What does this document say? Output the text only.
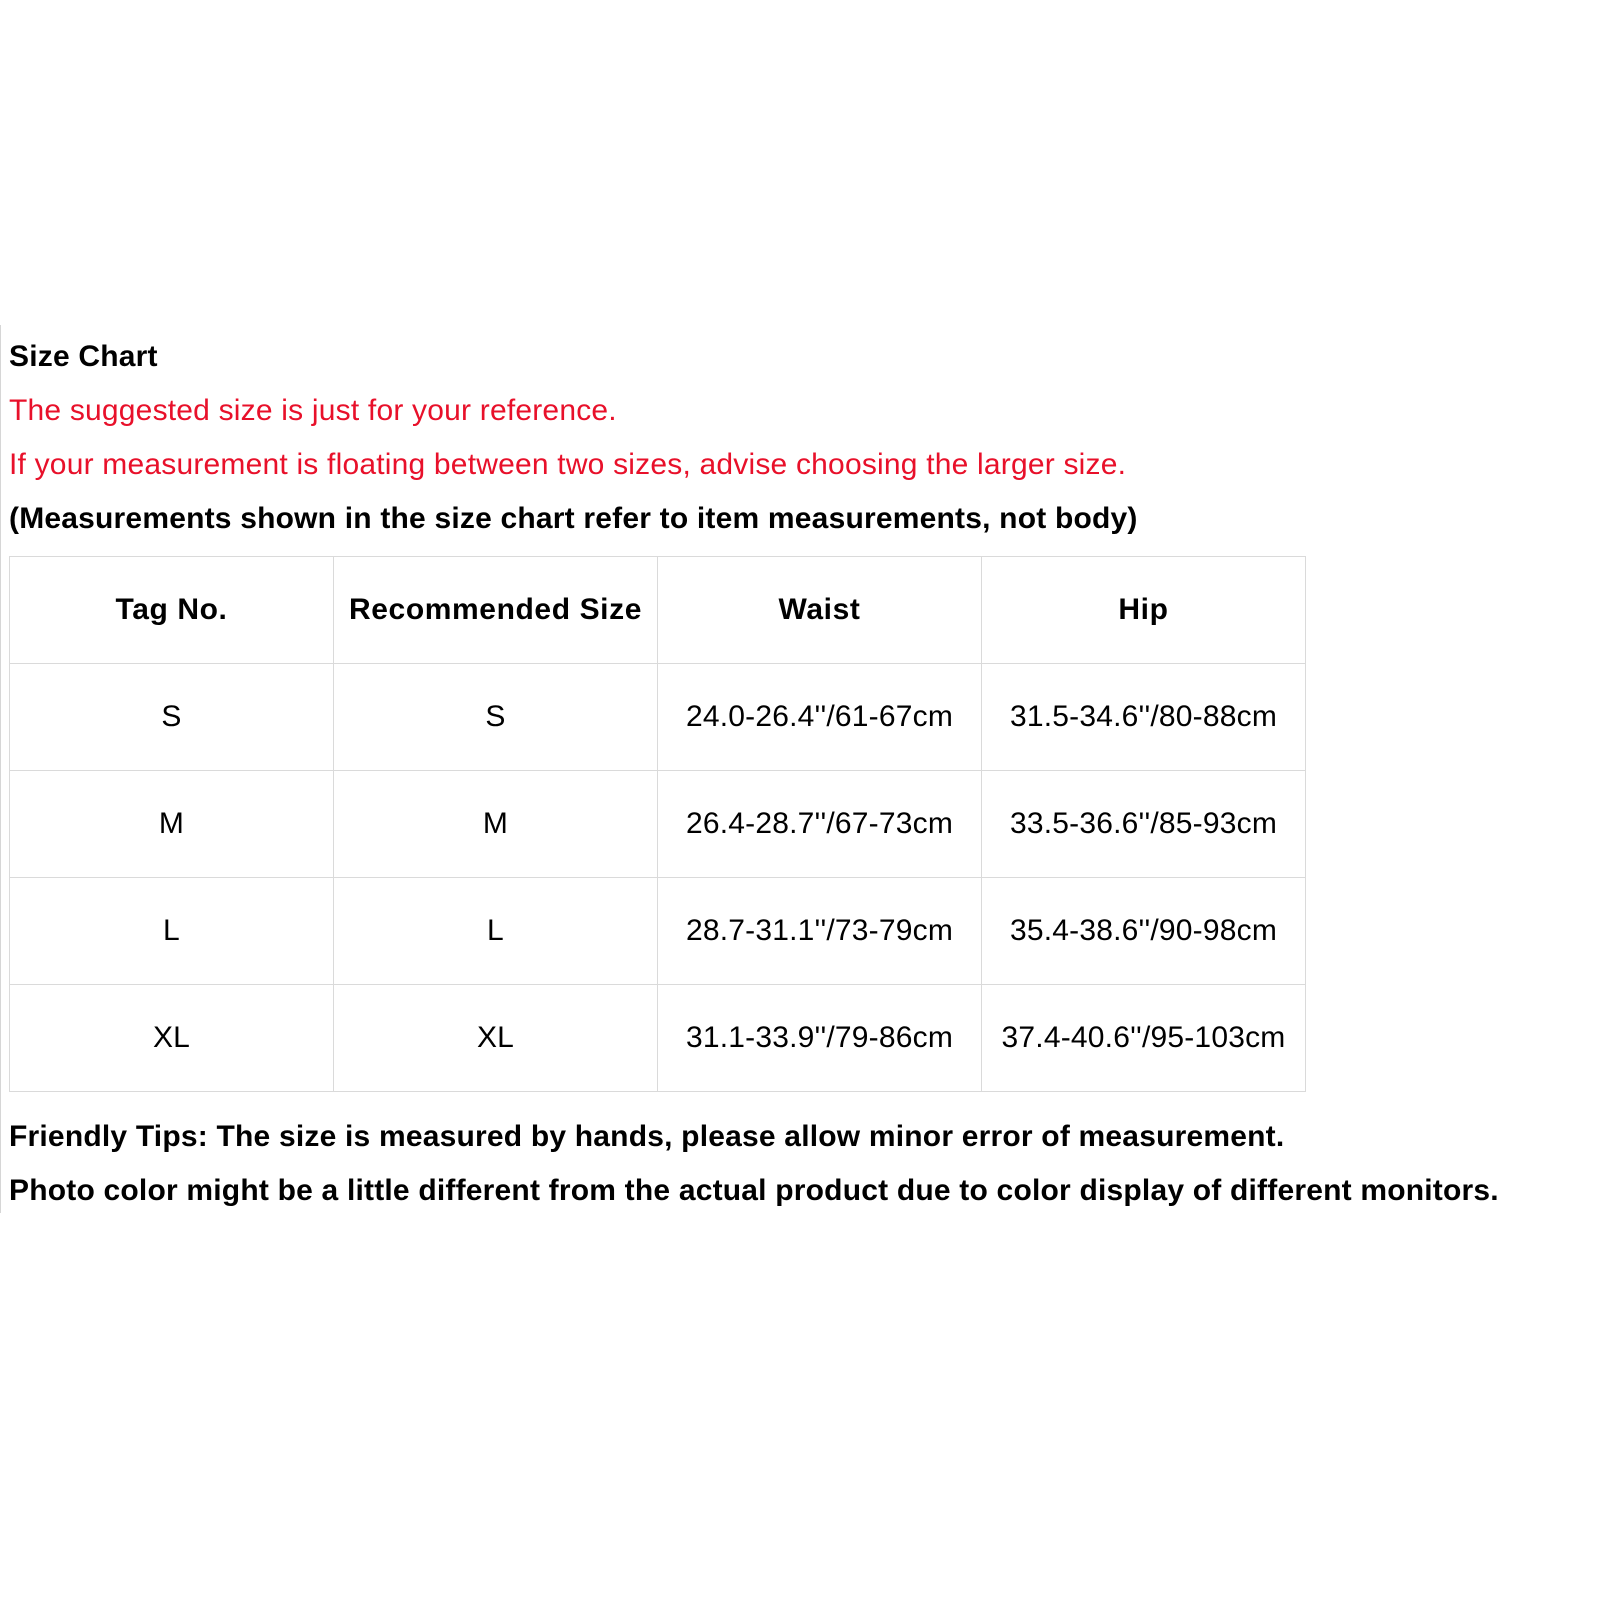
Size Chart
The suggested size is just for your reference.
If your measurement is floating between two sizes, advise choosing the larger size.
(Measurements shown in the size chart refer to item measurements, not body)
Tag No.	Recommended Size	Waist	Hip
S	S	24.0-26.4''/61-67cm	31.5-34.6''/80-88cm
M	M	26.4-28.7''/67-73cm	33.5-36.6''/85-93cm
L	L	28.7-31.1''/73-79cm	35.4-38.6''/90-98cm
XL	XL	31.1-33.9''/79-86cm	37.4-40.6''/95-103cm
Friendly Tips: The size is measured by hands, please allow minor error of measurement.
Photo color might be a little different from the actual product due to color display of different monitors.
